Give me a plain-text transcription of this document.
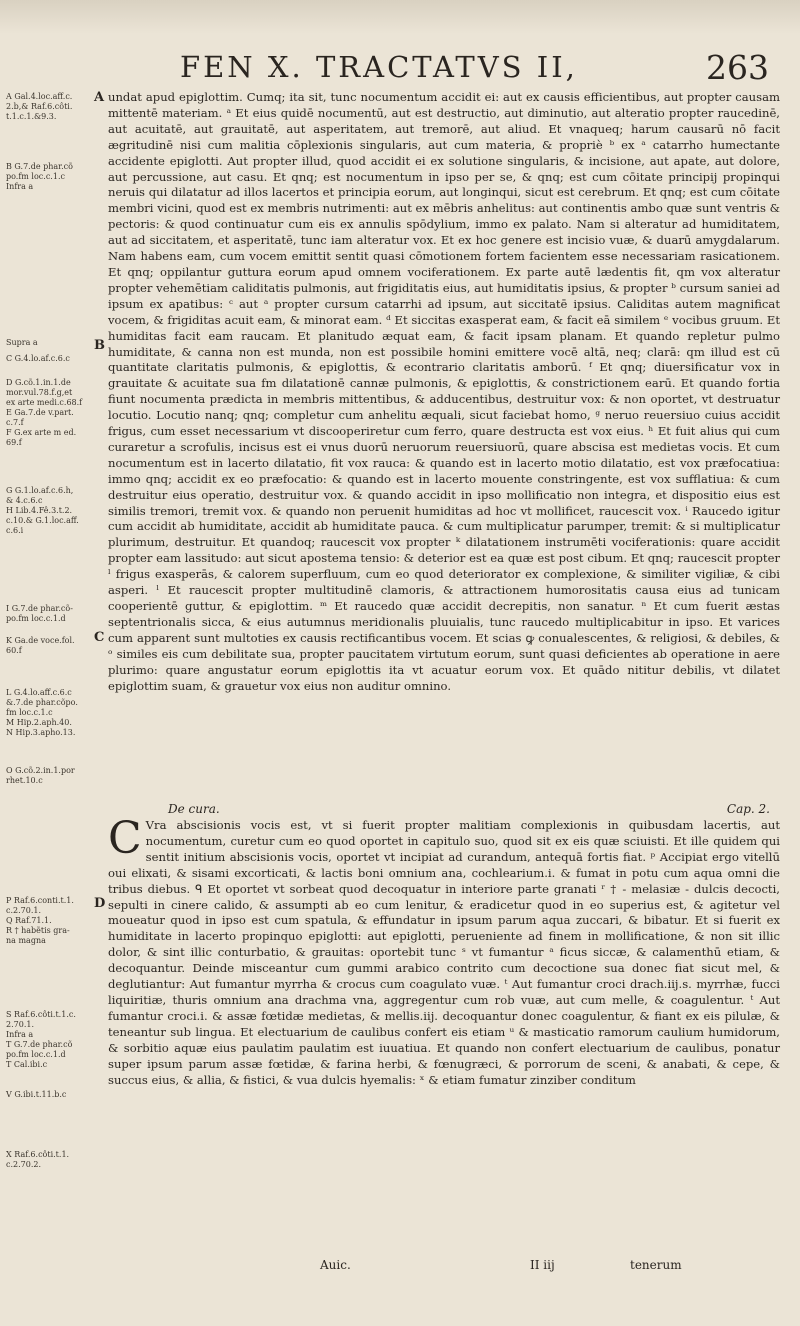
FEN X. TRACTATVS II,	263
A Gal.4.loc.aff.c.
2.b,& Raf.6.côti.
t.1.c.1.&9.3.
B G.7.de phar.cõ
po.fm loc.c.1.c
Infra a
Supra a
C G.4.lo.af.c.6.c
D G.cõ.1.in.1.de
mor.vul.78.f.g,et
ex arte medi.c.68.f
E Ga.7.de v.part.
c.7.f
F G.ex arte m ed.
69.f
G G.1.lo.af.c.6.h,
& 4.c.6.c
H Lib.4.Fê.3.t.2.
c.10.& G.1.loc.aff.
c.6.i
I G.7.de phar.cõ-
po.fm loc.c.1.d
K Ga.de voce.fol.
60.f
L G.4.lo.aff.c.6.c
&.7.de phar.cõpo.
fm loc.c.1.c
M Hip.2.aph.40.
N Hip.3.apho.13.
O G.cõ.2.in.1.por
rhet.10.c
P Raf.6.conti.t.1.
c.2.70.1.
Q Raf.71.1.
R † habẽtis gra-
na magna
S Raf.6.côti.t.1.c.
2.70.1.
Infra a
T G.7.de phar.cõ
po.fm loc.c.1.d
T Cal.ibi.c
V G.ibi.t.11.b.c
X Raf.6.côti.t.1.
c.2.70.2.
A
B
C
D

undat apud epiglottim. Cumq; ita sit, tunc nocumentum accidit ei: aut ex causis efficientibus, aut propter causam mittentē materiam. ᵃ Et eius quidē nocumentū, aut est destructio, aut diminutio, aut alteratio propter raucedinē, aut acuitatē, aut grauitatē, aut asperitatem, aut tremorē, aut aliud. Et vnaqueq; harum causarū nō facit ægritudinē nisi cum malitia cōplexionis singularis, aut cum materia, & propriè ᵇ ex ᵃ catarrho humectante accidente epiglotti. Aut propter illud, quod accidit ei ex solutione singularis, & incisione, aut apate, aut dolore, aut percussione, aut casu. Et qnq; est nocumentum in ipso per se, & qnq; est cum cōitate principij propinqui neruis qui dilatatur ad illos lacertos et principia eorum, aut longinqui, sicut est cerebrum. Et qnq; est cum cōitate membri vicini, quod est ex membris nutrimenti: aut ex mēbris anhelitus: aut continentis ambo quæ sunt ventris & pectoris: & quod continuatur cum eis ex annulis spōdylium, immo ex palato. Nam si alteratur ad humiditatem, aut ad siccitatem, et asperitatē, tunc iam alteratur vox. Et ex hoc genere est incisio vuæ, & duarū amygdalarum. Nam habens eam, cum vocem emittit sentit quasi cōmotionem fortem facientem esse necessariam rasicationem. Et qnq; oppilantur guttura eorum apud omnem vociferationem. Ex parte autē lædentis fit, qm vox alteratur propter vehemētiam caliditatis pulmonis, aut frigiditatis eius, aut humiditatis ipsius, & propter ᵇ cursum saniei ad ipsum ex apatibus: ᶜ aut ᵃ propter cursum catarrhi ad ipsum, aut siccitatē ipsius. Caliditas autem magnificat vocem, & frigiditas acuit eam, & minorat eam. ᵈ Et siccitas exasperat eam, & facit eā similem ᵉ vocibus gruum. Et humiditas facit eam raucam. Et planitudo æquat eam, & facit ipsam planam. Et quando repletur pulmo humiditate, & canna non est munda, non est possibile homini emittere vocē altā, neq; clarā: qm illud est cū quantitate claritatis pulmonis, & epiglottis, & econtrario claritatis amborū. ᶠ Et qnq; diuersificatur vox in grauitate & acuitate sua fm dilatationē cannæ pulmonis, & epiglottis, & constrictionem earū. Et quando fortia fiunt nocumenta prædicta in membris mittentibus, & adducentibus, destruitur vox: & non oportet, vt destruatur locutio. Locutio nanq; qnq; completur cum anhelitu æquali, sicut faciebat homo, ᵍ neruo reuersiuo cuius accidit frigus, cum esset necessarium vt discooperiretur cum ferro, quare destructa est vox eius. ʰ Et fuit alius qui cum curaretur a scrofulis, incisus est ei vnus duorū neruorum reuersiuorū, quare abscisa est medietas vocis. Et cum nocumentum est in lacerto dilatatio, fit vox rauca: & quando est in lacerto motio dilatatio, est vox præfocatiua: immo qnq; accidit ex eo præfocatio: & quando est in lacerto mouente constringente, est vox sufflatiua: & cum destruitur eius operatio, destruitur vox. & quando accidit in ipso mollificatio non integra, et dispositio eius est similis tremori, tremit vox. & quando non peruenit humiditas ad hoc vt mollificet, raucescit vox. ⁱ Raucedo igitur cum accidit ab humiditate, accidit ab humiditate pauca. & cum multiplicatur parumper, tremit: & si multiplicatur plurimum, destruitur. Et quandoq; raucescit vox propter ᵏ dilatationem instrumēti vociferationis: quare accidit propter eam lassitudo: aut sicut apostema tensio: & deterior est ea quæ est post cibum. Et qnq; raucescit propter ˡ frigus exasperās, & calorem superfluum, cum eo quod deteriorator ex complexione, & similiter vigiliæ, & cibi asperi. ˡ Et raucescit propter multitudinē clamoris, & attractionem humorositatis causa eius ad tunicam cooperientē guttur, & epiglottim. ᵐ Et raucedo quæ accidit decrepitis, non sanatur. ⁿ Et cum fuerit æstas septentrionalis sicca, & eius autumnus meridionalis pluuialis, tunc raucedo multiplicabitur in ipso. Et varices cum apparent sunt multoties ex causis rectificantibus vocem. Et scias ꝙ conualescentes, & religiosi, & debiles, & ᵒ similes eis cum debilitate sua, propter paucitatem virtutum eorum, sunt quasi deficientes ab operatione in aere plurimo: quare angustatur eorum epiglottis ita vt acuatur eorum vox. Et quādo nititur debilis, vt dilatet epiglottim suam, & grauetur vox eius non auditur omnino.

De cura.	Cap. 2.
C Vra abscisionis vocis est, vt si fuerit propter malitiam complexionis in quibusdam lacertis, aut nocumentum, curetur cum eo quod oportet in capitulo suo, quod sit ex eis quæ sciuisti. Et ille quidem qui sentit initium abscisionis vocis, oportet vt incipiat ad curandum, antequā fortis fiat. ᵖ Accipiat ergo vitellū oui elixati, & sisami excorticati, & lactis boni omnium ana, cochlearium.i. & fumat in potu cum aqua omni die tribus diebus. ᑫ Et oportet vt sorbeat quod decoquatur in interiore parte granati ʳ † ‑ melasiæ ‑ dulcis decocti, sepulti in cinere calido, & assumpti ab eo cum lenitur, & eradicetur quod in eo superius est, & agitetur vel moueatur quod in ipso est cum spatula, & effundatur in ipsum parum aqua zuccari, & bibatur. Et si fuerit ex humiditate in lacerto propinquo epiglotti: aut epiglotti, perueniente ad finem in mollificatione, & non sit illic dolor, & sint illic conturbatio, & grauitas: oportebit tunc ˢ vt fumantur ᵃ ficus siccæ, & calamenthū etiam, & decoquantur. Deinde misceantur cum gummi arabico contrito cum decoctione sua donec fiat sicut mel, & deglutiantur: Aut fumantur myrrha & crocus cum coagulato vuæ. ᵗ Aut fumantur croci drach.iij.s. myrrhæ, fucci liquiritiæ, thuris omnium ana drachma vna, aggregentur cum rob vuæ, aut cum melle, & coagulentur. ᵗ Aut fumantur croci.i. & assæ fœtidæ medietas, & mellis.iij. decoquantur donec coagulentur, & fiant ex eis pilulæ, & teneantur sub lingua. Et electuarium de caulibus confert eis etiam ᵘ & masticatio ramorum caulium humidorum, & sorbitio aquæ eius paulatim paulatim est iuuatiua. Et quando non confert electuarium de caulibus, ponatur super ipsum parum assæ fœtidæ, & farina herbi, & fœnugræci, & porrorum de sceni, & anabati, & cepe, & succus eius, & allia, & fistici, & vua dulcis hyemalis: ˣ & etiam fumatur zinziber conditum
Auic.	II iij	tenerum
